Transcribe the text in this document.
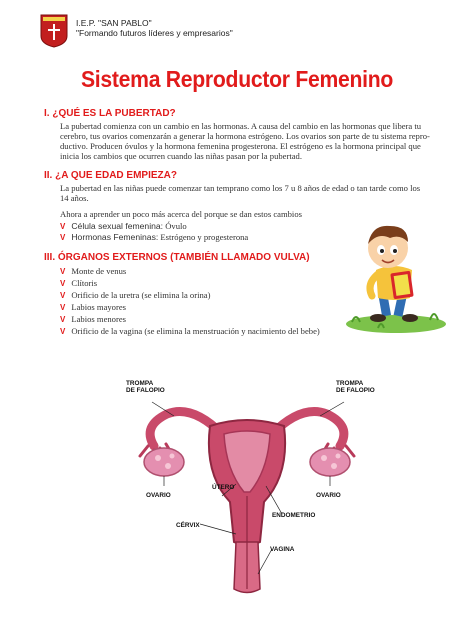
I.E.P. "SAN PABLO"
"Formando futuros líderes y empresarios"
Sistema Reproductor Femenino
I. ¿QUÉ ES LA PUBERTAD?
La pubertad comienza con un cambio en las hormonas. A causa del cambio en las hormonas que libera tu
cerebro, tus ovarios comenzarán a generar la hormona estrógeno. Los ovarios son parte de tu sistema repro-
ductivo. Producen óvulos y la hormona femenina progesterona. El estrógeno es la hormona principal que
inicia los cambios que ocurren cuando las niñas pasan por la pubertad.
II. ¿A QUE EDAD EMPIEZA?
La pubertad en las niñas puede comenzar tan temprano como los 7 u 8 años de edad o tan tarde como los
14 años.
Ahora a aprender un poco más acerca del porque se dan estos cambios
V Célula sexual femenina: Óvulo
V Hormonas Femeninas: Estrógeno y progesterona
III. ÓRGANOS EXTERNOS (TAMBIÉN LLAMADO VULVA)
V Monte de venus
V Clítoris
V Orificio de la uretra (se elimina la orina)
V Labios mayores
V Labios menores
V Orificio de la vagina (se elimina la menstruación y nacimiento del bebe)
TROMPA
DE FALOPIO
TROMPA
DE FALOPIO
ÚTERO
OVARIO	OVARIO
ENDOMETRIO
CÉRVIX
VAGINA
